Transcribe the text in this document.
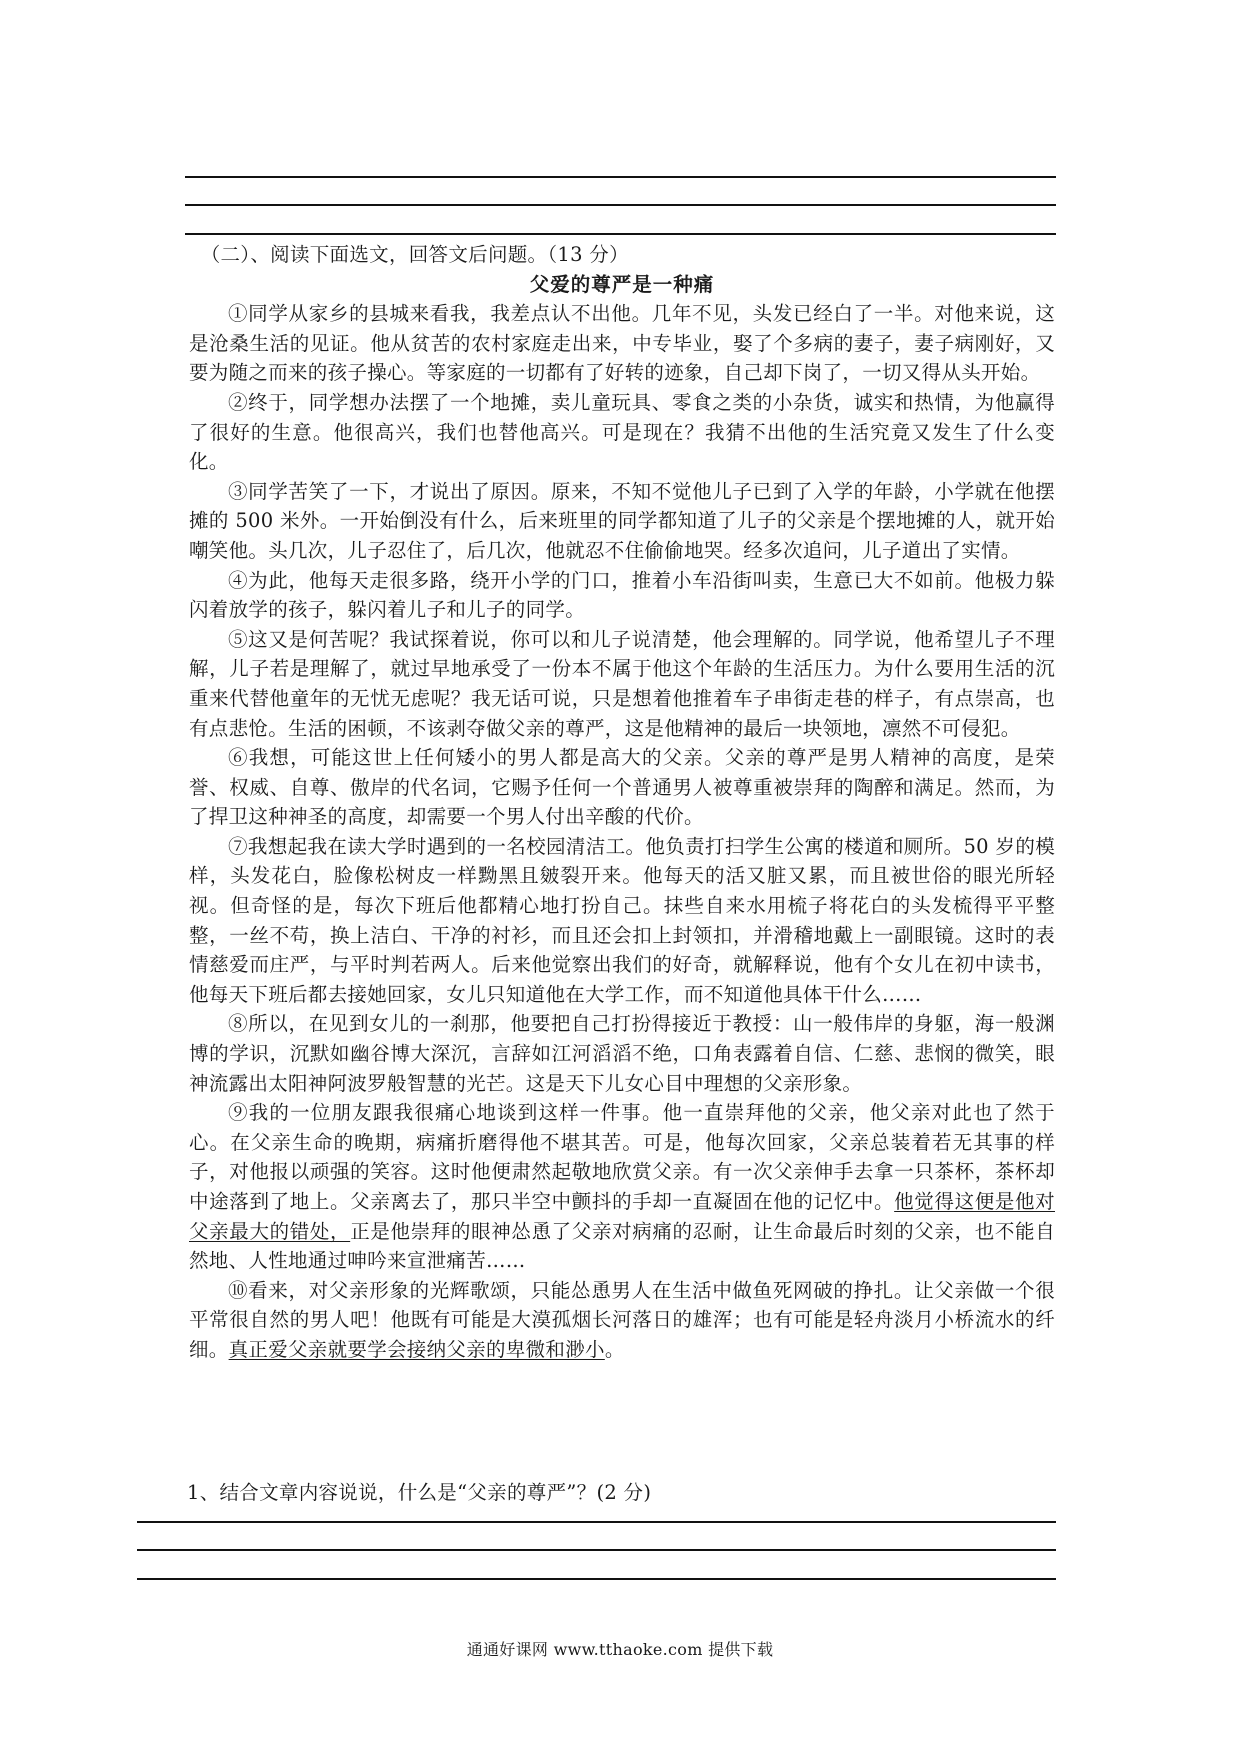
（二）、阅读下面选文，回答文后问题。（13 分）

父爱的尊严是一种痛

①同学从家乡的县城来看我，我差点认不出他。几年不见，头发已经白了一半。对他来说，这是沧桑生活的见证。他从贫苦的农村家庭走出来，中专毕业，娶了个多病的妻子，妻子病刚好，又要为随之而来的孩子操心。等家庭的一切都有了好转的迹象，自己却下岗了，一切又得从头开始。

②终于，同学想办法摆了一个地摊，卖儿童玩具、零食之类的小杂货，诚实和热情，为他赢得了很好的生意。他很高兴，我们也替他高兴。可是现在？我猜不出他的生活究竟又发生了什么变化。

③同学苦笑了一下，才说出了原因。原来，不知不觉他儿子已到了入学的年龄，小学就在他摆摊的 500 米外。一开始倒没有什么，后来班里的同学都知道了儿子的父亲是个摆地摊的人，就开始嘲笑他。头几次，儿子忍住了，后几次，他就忍不住偷偷地哭。经多次追问，儿子道出了实情。

④为此，他每天走很多路，绕开小学的门口，推着小车沿街叫卖，生意已大不如前。他极力躲闪着放学的孩子，躲闪着儿子和儿子的同学。

⑤这又是何苦呢？我试探着说，你可以和儿子说清楚，他会理解的。同学说，他希望儿子不理解，儿子若是理解了，就过早地承受了一份本不属于他这个年龄的生活压力。为什么要用生活的沉重来代替他童年的无忧无虑呢？我无话可说，只是想着他推着车子串街走巷的样子，有点崇高，也有点悲怆。生活的困顿，不该剥夺做父亲的尊严，这是他精神的最后一块领地，凛然不可侵犯。

⑥我想，可能这世上任何矮小的男人都是高大的父亲。父亲的尊严是男人精神的高度，是荣誉、权威、自尊、傲岸的代名词，它赐予任何一个普通男人被尊重被崇拜的陶醉和满足。然而，为了捍卫这种神圣的高度，却需要一个男人付出辛酸的代价。

⑦我想起我在读大学时遇到的一名校园清洁工。他负责打扫学生公寓的楼道和厕所。50 岁的模样，头发花白，脸像松树皮一样黝黑且皴裂开来。他每天的活又脏又累，而且被世俗的眼光所轻视。但奇怪的是，每次下班后他都精心地打扮自己。抹些自来水用梳子将花白的头发梳得平平整整，一丝不苟，换上洁白、干净的衬衫，而且还会扣上封领扣，并滑稽地戴上一副眼镜。这时的表情慈爱而庄严，与平时判若两人。后来他觉察出我们的好奇，就解释说，他有个女儿在初中读书，他每天下班后都去接她回家，女儿只知道他在大学工作，而不知道他具体干什么……

⑧所以，在见到女儿的一刹那，他要把自己打扮得接近于教授：山一般伟岸的身躯，海一般渊博的学识，沉默如幽谷博大深沉，言辞如江河滔滔不绝，口角表露着自信、仁慈、悲悯的微笑，眼神流露出太阳神阿波罗般智慧的光芒。这是天下儿女心目中理想的父亲形象。

⑨我的一位朋友跟我很痛心地谈到这样一件事。他一直崇拜他的父亲，他父亲对此也了然于心。在父亲生命的晚期，病痛折磨得他不堪其苦。可是，他每次回家，父亲总装着若无其事的样子，对他报以顽强的笑容。这时他便肃然起敬地欣赏父亲。有一次父亲伸手去拿一只茶杯，茶杯却中途落到了地上。父亲离去了，那只半空中颤抖的手却一直凝固在他的记忆中。他觉得这便是他对父亲最大的错处，正是他崇拜的眼神怂恿了父亲对病痛的忍耐，让生命最后时刻的父亲，也不能自然地、人性地通过呻吟来宣泄痛苦……

⑩看来，对父亲形象的光辉歌颂，只能怂恿男人在生活中做鱼死网破的挣扎。让父亲做一个很平常很自然的男人吧！他既有可能是大漠孤烟长河落日的雄浑；也有可能是轻舟淡月小桥流水的纤细。真正爱父亲就要学会接纳父亲的卑微和渺小。

1、结合文章内容说说，什么是“父亲的尊严”？(2 分)
通通好课网 www.tthaoke.com 提供下载
